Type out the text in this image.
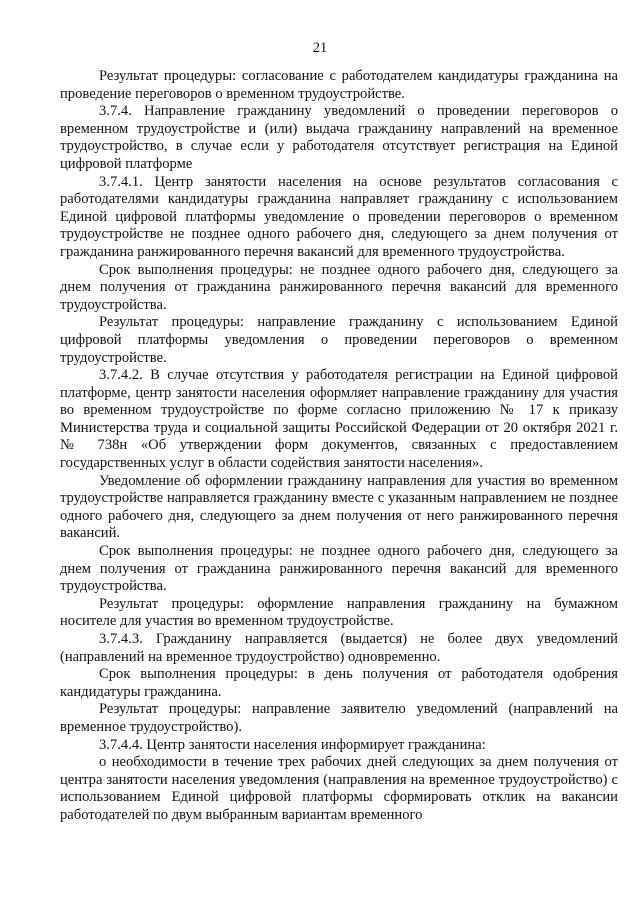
21

Результат процедуры: согласование с работодателем кандидатуры гражданина на проведение переговоров о временном трудоустройстве.

3.7.4. Направление гражданину уведомлений о проведении переговоров о временном трудоустройстве и (или) выдача гражданину направлений на временное трудоустройство, в случае если у работодателя отсутствует регистрация на Единой цифровой платформе

3.7.4.1. Центр занятости населения на основе результатов согласования с работодателями кандидатуры гражданина направляет гражданину с использованием Единой цифровой платформы уведомление о проведении переговоров о временном трудоустройстве не позднее одного рабочего дня, следующего за днем получения от гражданина ранжированного перечня вакансий для временного трудоустройства.

Срок выполнения процедуры: не позднее одного рабочего дня, следующего за днем получения от гражданина ранжированного перечня вакансий для временного трудоустройства.

Результат процедуры: направление гражданину с использованием Единой цифровой платформы уведомления о проведении переговоров о временном трудоустройстве.

3.7.4.2. В случае отсутствия у работодателя регистрации на Единой цифровой платформе, центр занятости населения оформляет направление гражданину для участия во временном трудоустройстве по форме согласно приложению № 17 к приказу Министерства труда и социальной защиты Российской Федерации от 20 октября 2021 г. № 738н «Об утверждении форм документов, связанных с предоставлением государственных услуг в области содействия занятости населения».

Уведомление об оформлении гражданину направления для участия во временном трудоустройстве направляется гражданину вместе с указанным направлением не позднее одного рабочего дня, следующего за днем получения от него ранжированного перечня вакансий.

Срок выполнения процедуры: не позднее одного рабочего дня, следующего за днем получения от гражданина ранжированного перечня вакансий для временного трудоустройства.

Результат процедуры: оформление направления гражданину на бумажном носителе для участия во временном трудоустройстве.

3.7.4.3. Гражданину направляется (выдается) не более двух уведомлений (направлений на временное трудоустройство) одновременно.

Срок выполнения процедуры: в день получения от работодателя одобрения кандидатуры гражданина.

Результат процедуры: направление заявителю уведомлений (направлений на временное трудоустройство).

3.7.4.4. Центр занятости населения информирует гражданина:

о необходимости в течение трех рабочих дней следующих за днем получения от центра занятости населения уведомления (направления на временное трудоустройство) с использованием Единой цифровой платформы сформировать отклик на вакансии работодателей по двум выбранным вариантам временного
